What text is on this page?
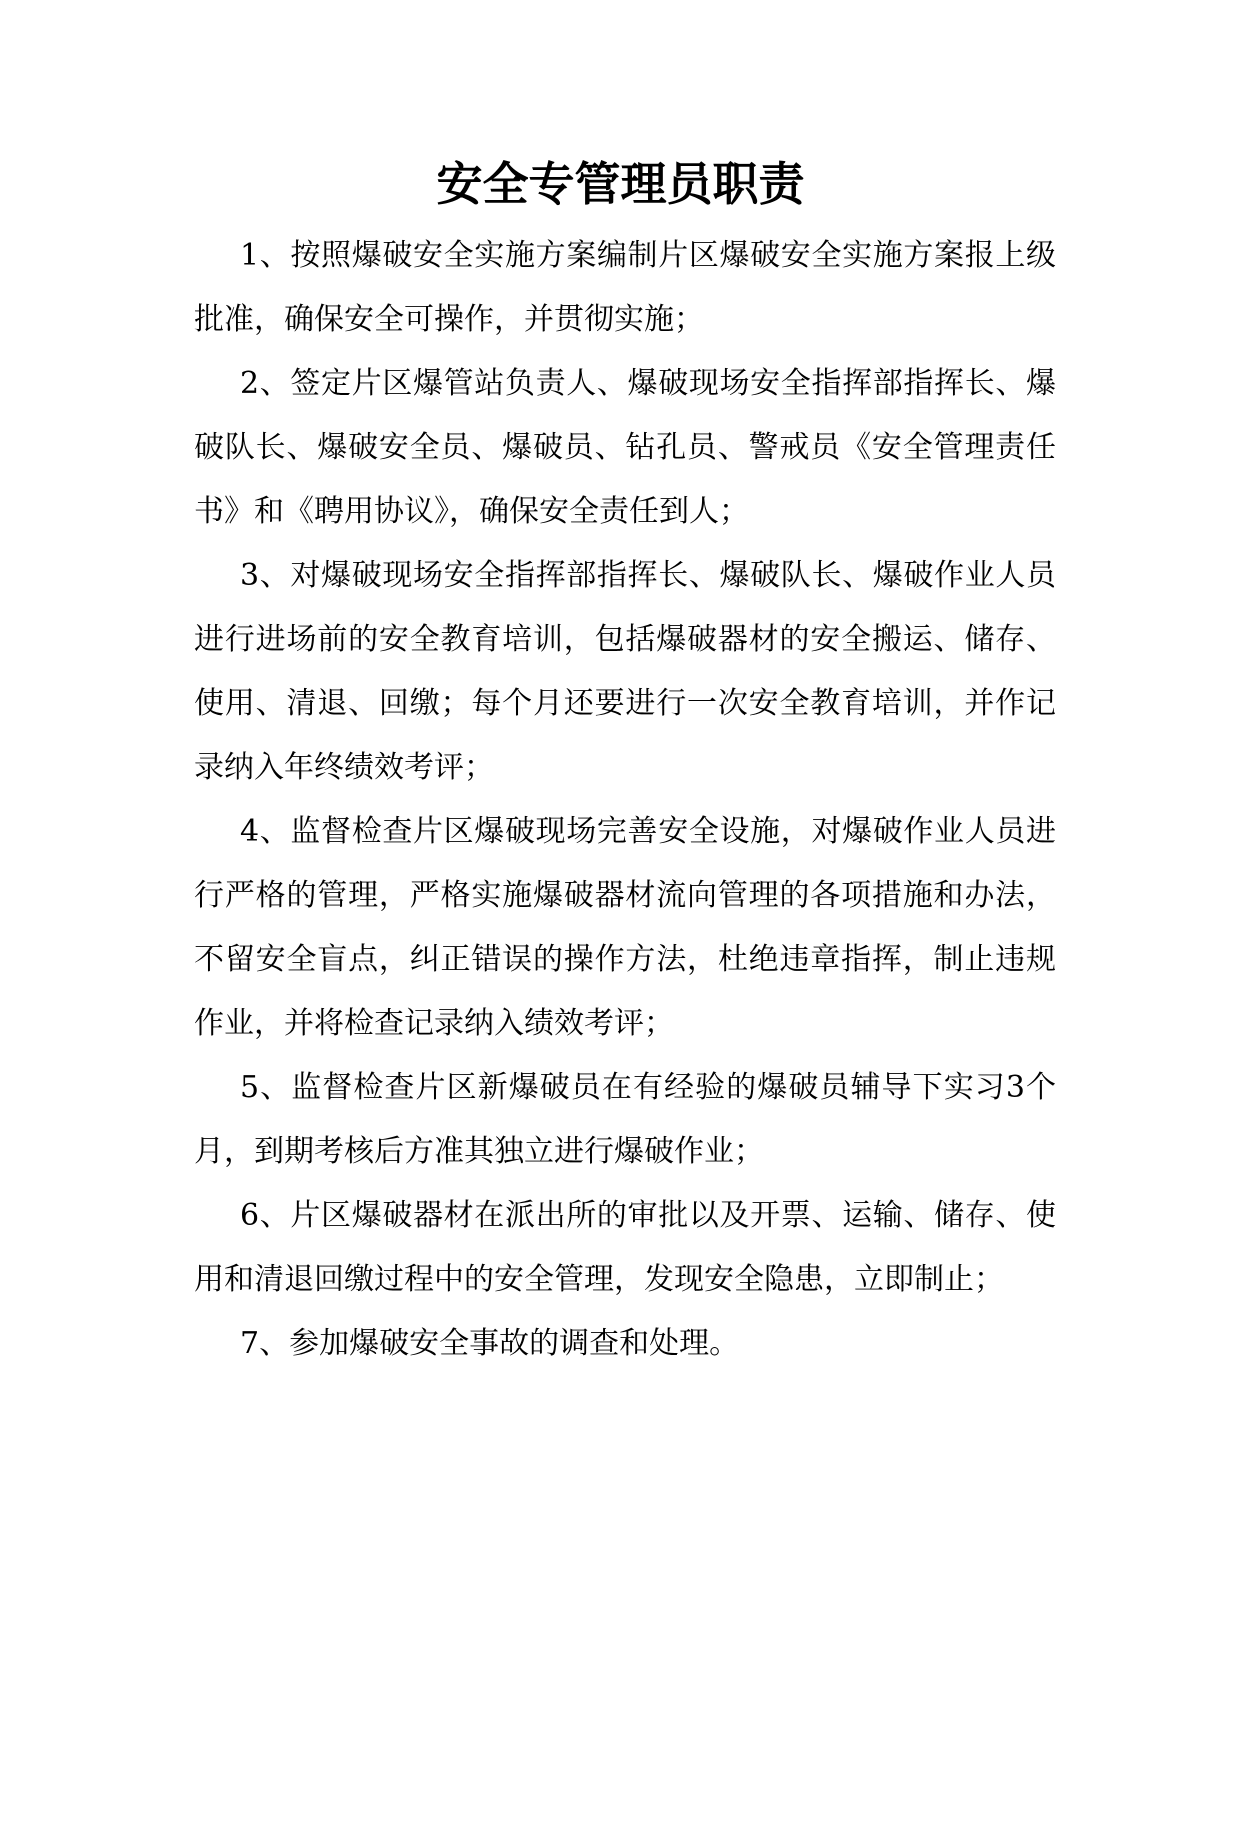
安全专管理员职责

1、按照爆破安全实施方案编制片区爆破安全实施方案报上级批准，确保安全可操作，并贯彻实施；

2、签定片区爆管站负责人、爆破现场安全指挥部指挥长、爆破队长、爆破安全员、爆破员、钻孔员、警戒员《安全管理责任书》和《聘用协议》，确保安全责任到人；

3、对爆破现场安全指挥部指挥长、爆破队长、爆破作业人员进行进场前的安全教育培训，包括爆破器材的安全搬运、储存、使用、清退、回缴；每个月还要进行一次安全教育培训，并作记录纳入年终绩效考评；

4、监督检查片区爆破现场完善安全设施，对爆破作业人员进行严格的管理，严格实施爆破器材流向管理的各项措施和办法，不留安全盲点，纠正错误的操作方法，杜绝违章指挥，制止违规作业，并将检查记录纳入绩效考评；

5、监督检查片区新爆破员在有经验的爆破员辅导下实习3个月，到期考核后方准其独立进行爆破作业；

6、片区爆破器材在派出所的审批以及开票、运输、储存、使用和清退回缴过程中的安全管理，发现安全隐患，立即制止；

7、参加爆破安全事故的调查和处理。
